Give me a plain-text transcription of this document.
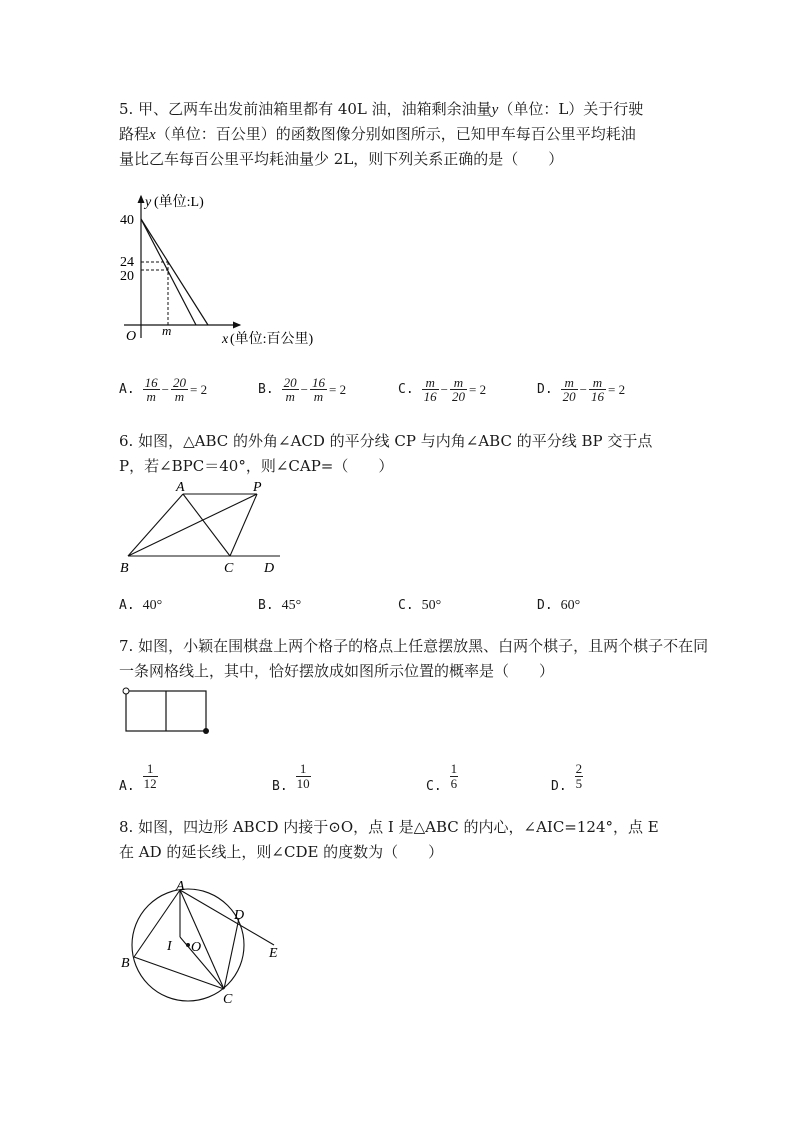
5. 甲、乙两车出发前油箱里都有 40L 油，油箱剩余油量y（单位：L）关于行驶
路程x（单位：百公里）的函数图像分别如图所示，已知甲车每百公里平均耗油
量比乙车每百公里平均耗油量少 2L，则下列关系正确的是（　　）
y (单位:L)
40
24
20
O m
x (单位:百公里)
A. $\frac{16}{m} - \frac{20}{m} = 2$	B. $\frac{20}{m} - \frac{16}{m} = 2$	C. $\frac{m}{16} - \frac{m}{20} = 2$	D. $\frac{m}{20} - \frac{m}{16} = 2$
6. 如图，△ABC 的外角∠ACD 的平分线 CP 与内角∠ABC 的平分线 BP 交于点
P，若∠BPC＝40°，则∠CAP=（　　）
A	P
B	C D
A. 40°	B. 45°	C. 50°	D. 60°
7. 如图，小颖在围棋盘上两个格子的格点上任意摆放黑、白两个棋子，且两个棋子不在同
一条网格线上，其中，恰好摆放成如图所示位置的概率是（　　）
A. $\frac{1}{12}$	B. $\frac{1}{10}$	C. $\frac{1}{6}$	D. $\frac{2}{5}$
8. 如图，四边形 ABCD 内接于⊙O，点 I 是△ABC 的内心，∠AIC=124°，点 E
在 AD 的延长线上，则∠CDE 的度数为（　　）
A
B
C
D
E
I O
